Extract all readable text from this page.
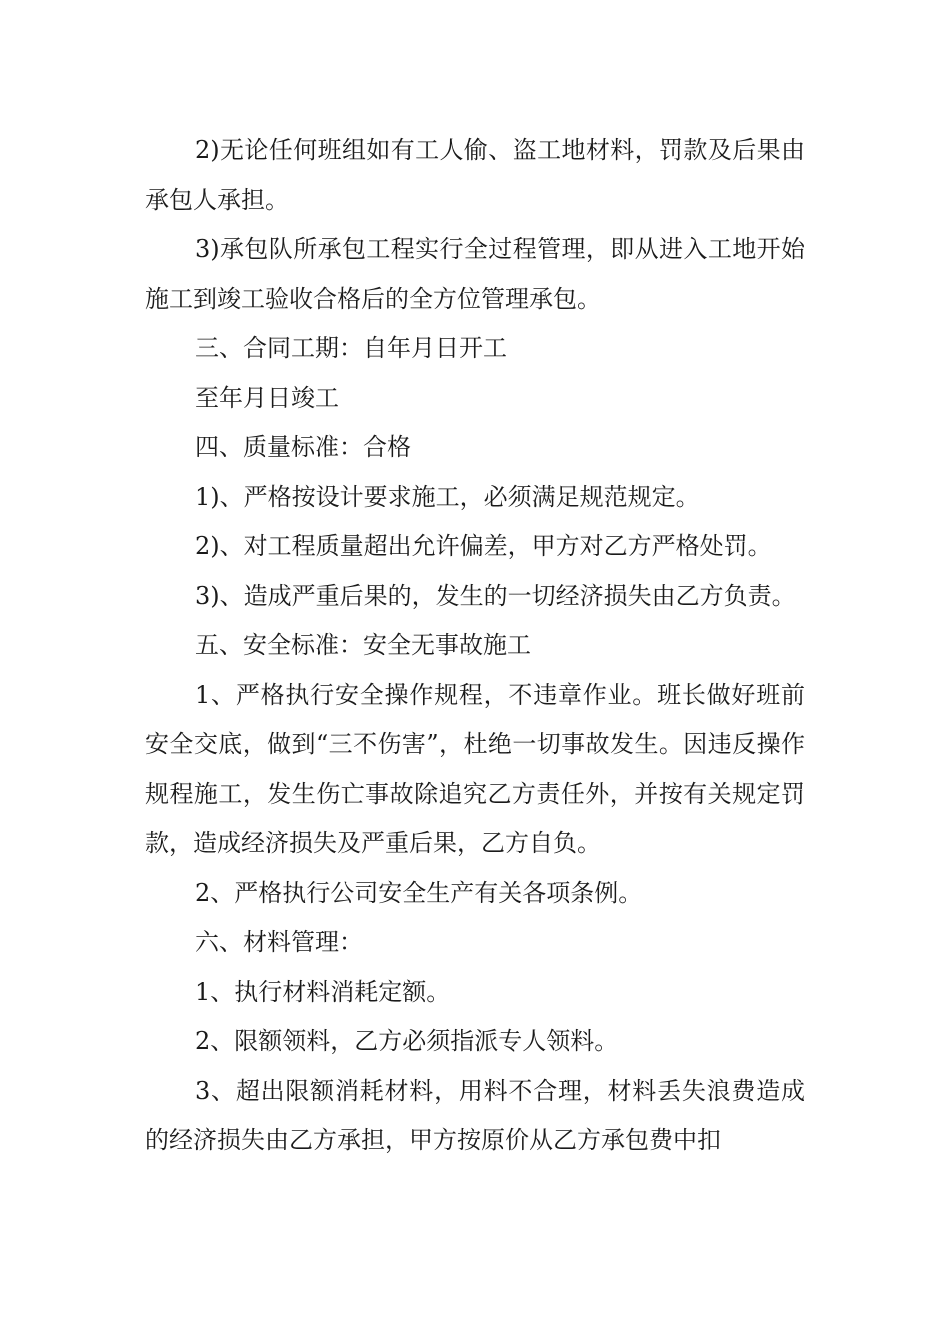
2)无论任何班组如有工人偷、盗工地材料，罚款及后果由承包人承担。

3)承包队所承包工程实行全过程管理，即从进入工地开始施工到竣工验收合格后的全方位管理承包。

三、合同工期：自年月日开工

至年月日竣工

四、质量标准：合格

1)、严格按设计要求施工，必须满足规范规定。

2)、对工程质量超出允许偏差，甲方对乙方严格处罚。

3)、造成严重后果的，发生的一切经济损失由乙方负责。

五、安全标准：安全无事故施工

1、严格执行安全操作规程，不违章作业。班长做好班前安全交底，做到“三不伤害”，杜绝一切事故发生。因违反操作规程施工，发生伤亡事故除追究乙方责任外，并按有关规定罚款，造成经济损失及严重后果，乙方自负。

2、严格执行公司安全生产有关各项条例。

六、材料管理：

1、执行材料消耗定额。

2、限额领料，乙方必须指派专人领料。

3、超出限额消耗材料，用料不合理，材料丢失浪费造成的经济损失由乙方承担，甲方按原价从乙方承包费中扣
